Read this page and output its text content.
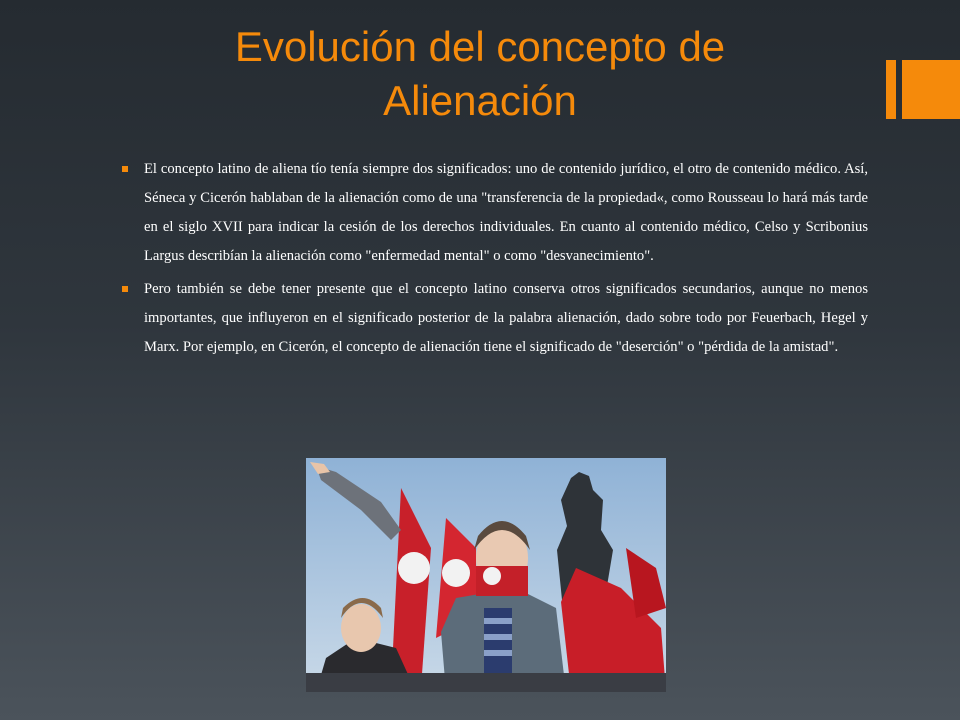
Evolución del concepto de
Alienación
El concepto latino de aliena tío tenía siempre dos significados: uno de contenido jurídico, el otro de contenido médico. Así, Séneca y Cicerón hablaban de la alienación como de una "transferencia de la propiedad«, como Rousseau lo hará más tarde en el siglo XVII para indicar la cesión de los derechos individuales. En cuanto al contenido médico, Celso y Scribonius Largus describían la alienación como "enfermedad mental" o como "desvanecimiento".
Pero también se debe tener presente que el concepto latino conserva otros significados secundarios, aunque no menos importantes, que influyeron en el significado posterior de la palabra alienación, dado sobre todo por Feuerbach, Hegel y Marx. Por ejemplo, en Cicerón, el concepto de alienación tiene el significado de "deserción" o "pérdida de la amistad".
